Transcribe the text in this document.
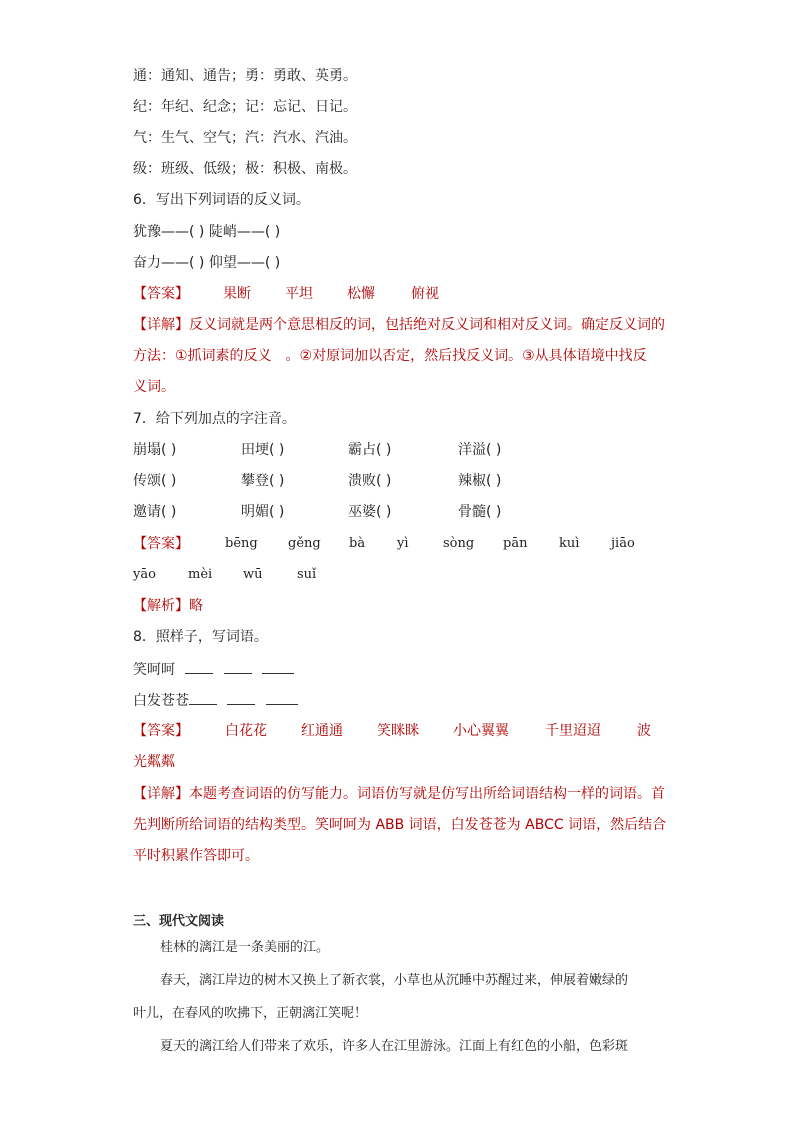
通：通知、通告；勇：勇敢、英勇。
纪：年纪、纪念；记：忘记、日记。
气：生气、空气；汽：汽水、汽油。
级：班级、低级；极：积极、南极。
6．写出下列词语的反义词。
犹豫——( ) 陡峭——( )
奋力——( ) 仰望——( )
【答案】 果断 平坦 松懈	俯视
【详解】反义词就是两个意思相反的词，包括绝对反义词和相对反义词。确定反义词的
方法：①抓词素的反义　。②对原词加以否定，然后找反义词。③从具体语境中找反
义词。
7．给下列加点的字注音。
崩塌( )	田埂( )	霸占( )	洋溢( )
传颂( )	攀登( )	溃败( )	辣椒( )
邀请( )	明媚( )	巫婆( )	骨髓( )
【答案】	bēng gěng bà yì	sòng pān kuì jiāo
yāo mèi wū	suǐ
【解析】略
8．照样子，写词语。
笑呵呵
白发苍苍
【答案】	白花花 红通通 笑眯眯 小心翼翼	千里迢迢	波
光粼粼
【详解】本题考查词语的仿写能力。词语仿写就是仿写出所给词语结构一样的词语。首
先判断所给词语的结构类型。笑呵呵为 ABB 词语，白发苍苍为 ABCC 词语，然后结合
平时积累作答即可。
三、现代文阅读
桂林的漓江是一条美丽的江。
春天，漓江岸边的树木又换上了新衣裳，小草也从沉睡中苏醒过来，伸展着嫩绿的
叶儿，在春风的吹拂下，正朝漓江笑呢！
夏天的漓江给人们带来了欢乐，许多人在江里游泳。江面上有红色的小船，色彩斑
